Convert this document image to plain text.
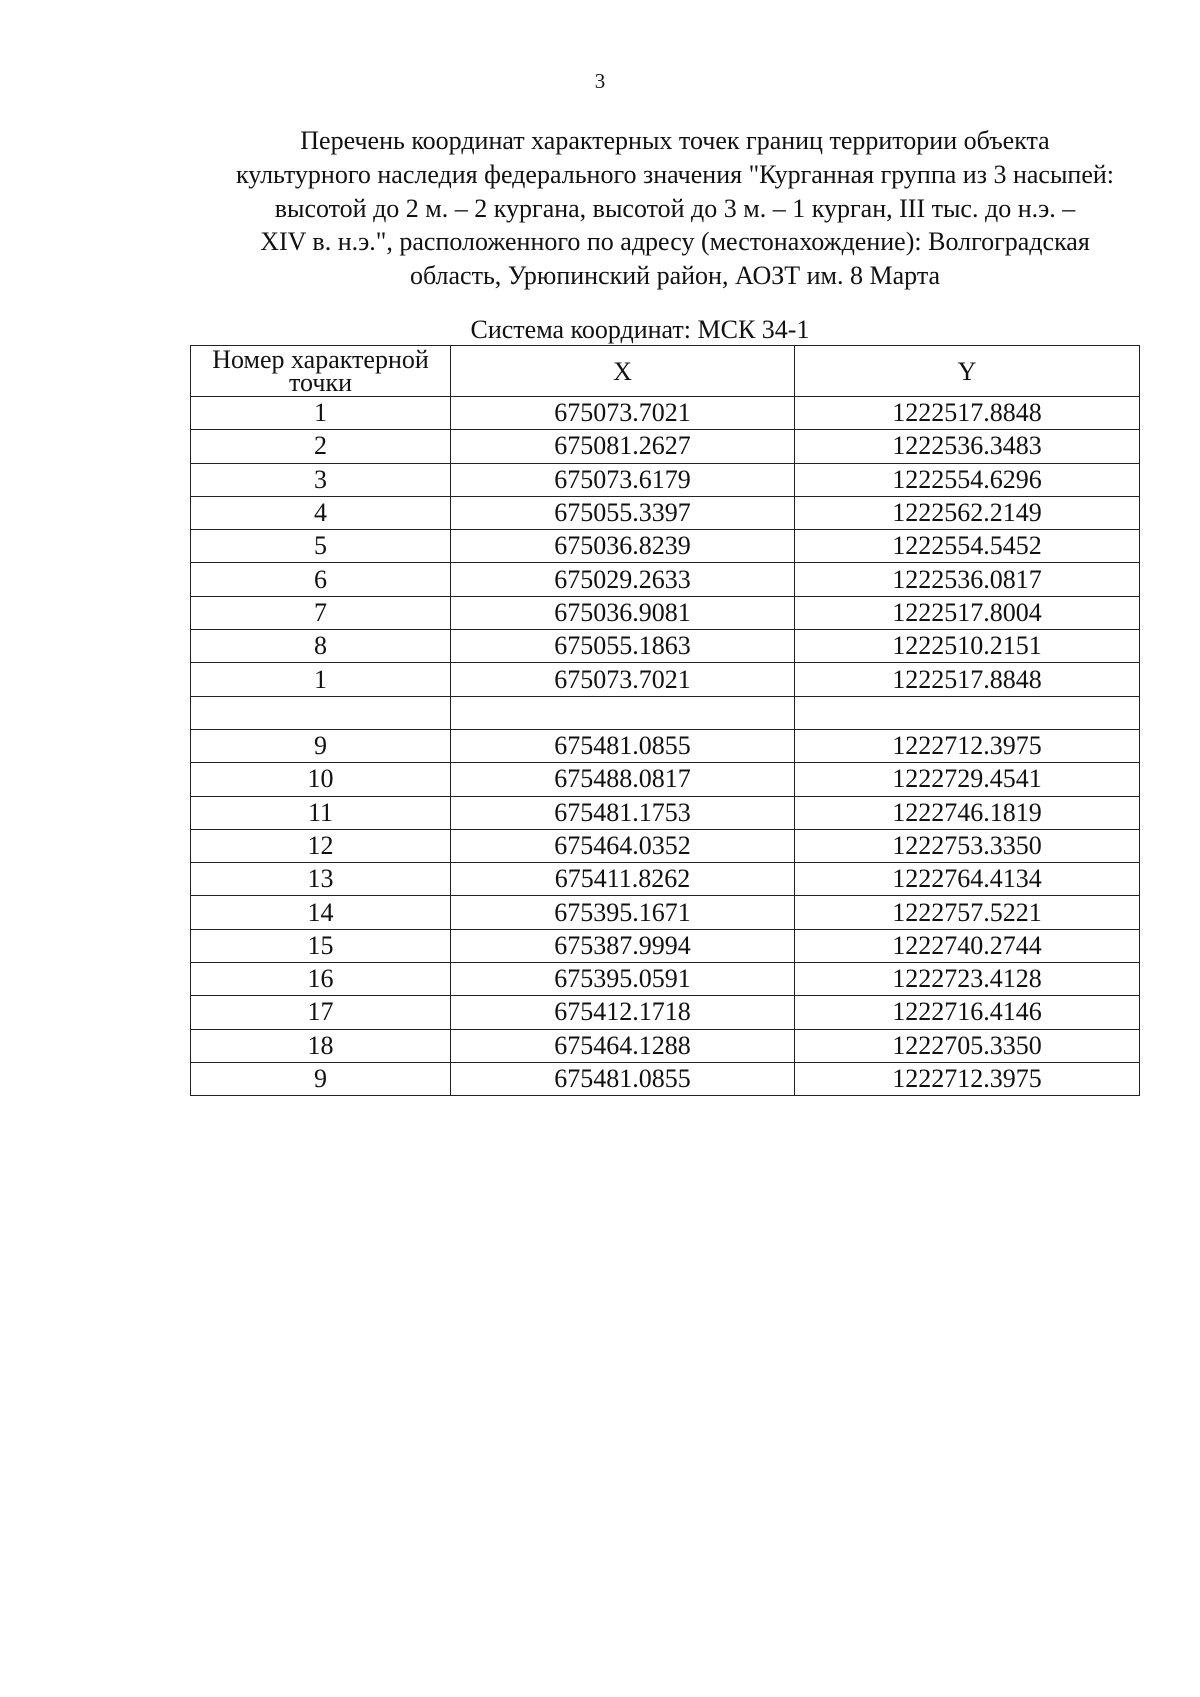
3
Перечень координат характерных точек границ территории объекта
культурного наследия федерального значения "Курганная группа из 3 насыпей:
высотой до 2 м. – 2 кургана, высотой до 3 м. – 1 курган, III тыс. до н.э. –
XIV в. н.э.", расположенного по адресу (местонахождение): Волгоградская
область, Урюпинский район, АОЗТ им. 8 Марта
Система координат: МСК 34-1
Номер характерной
точки	X	Y
1	675073.7021	1222517.8848
2	675081.2627	1222536.3483
3	675073.6179	1222554.6296
4	675055.3397	1222562.2149
5	675036.8239	1222554.5452
6	675029.2633	1222536.0817
7	675036.9081	1222517.8004
8	675055.1863	1222510.2151
1	675073.7021	1222517.8848

9	675481.0855	1222712.3975
10	675488.0817	1222729.4541
11	675481.1753	1222746.1819
12	675464.0352	1222753.3350
13	675411.8262	1222764.4134
14	675395.1671	1222757.5221
15	675387.9994	1222740.2744
16	675395.0591	1222723.4128
17	675412.1718	1222716.4146
18	675464.1288	1222705.3350
9	675481.0855	1222712.3975
